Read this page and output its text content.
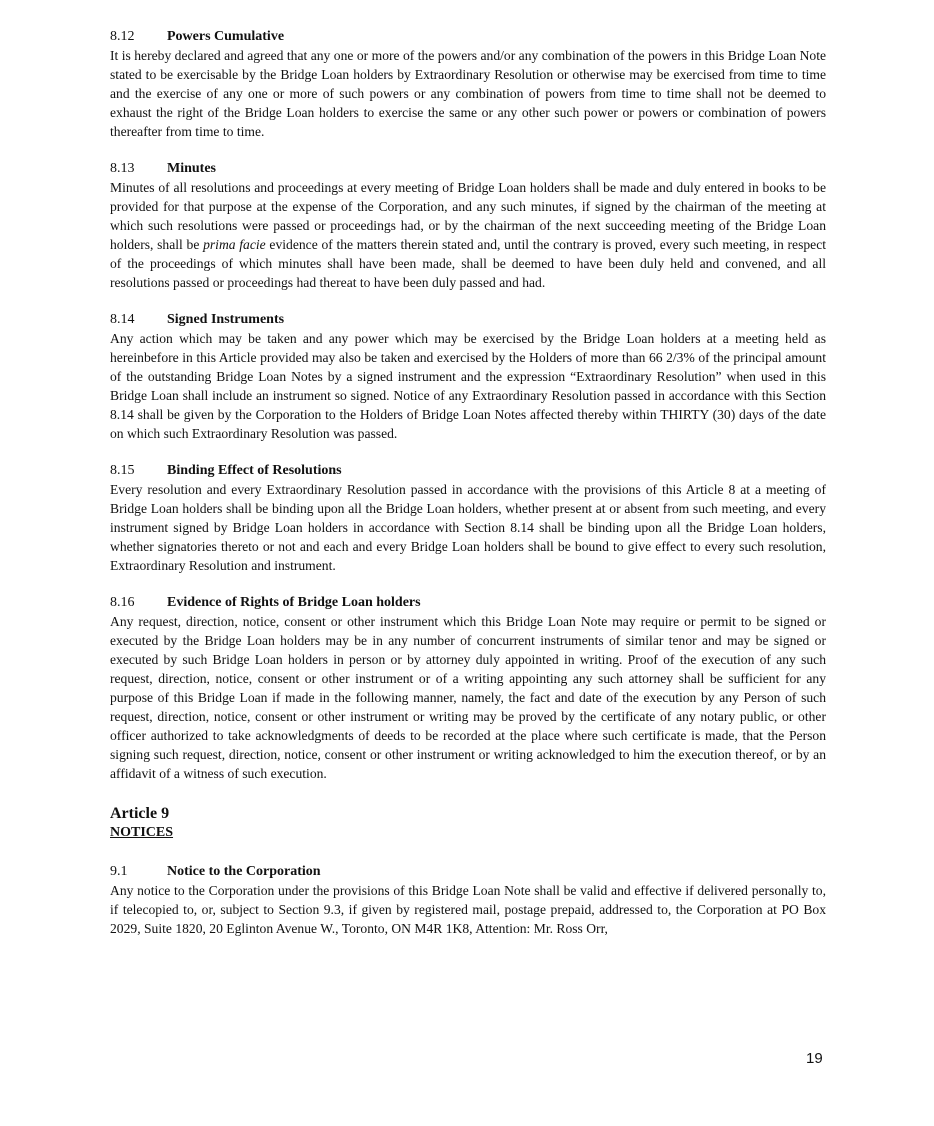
8.12 Powers Cumulative

It is hereby declared and agreed that any one or more of the powers and/or any combination of the powers in this Bridge Loan Note stated to be exercisable by the Bridge Loan holders by Extraordinary Resolution or otherwise may be exercised from time to time and the exercise of any one or more of such powers or any combination of powers from time to time shall not be deemed to exhaust the right of the Bridge Loan holders to exercise the same or any other such power or powers or combination of powers thereafter from time to time.

8.13 Minutes

Minutes of all resolutions and proceedings at every meeting of Bridge Loan holders shall be made and duly entered in books to be provided for that purpose at the expense of the Corporation, and any such minutes, if signed by the chairman of the meeting at which such resolutions were passed or proceedings had, or by the chairman of the next succeeding meeting of the Bridge Loan holders, shall be prima facie evidence of the matters therein stated and, until the contrary is proved, every such meeting, in respect of the proceedings of which minutes shall have been made, shall be deemed to have been duly held and convened, and all resolutions passed or proceedings had thereat to have been duly passed and had.

8.14 Signed Instruments

Any action which may be taken and any power which may be exercised by the Bridge Loan holders at a meeting held as hereinbefore in this Article provided may also be taken and exercised by the Holders of more than 66 2/3% of the principal amount of the outstanding Bridge Loan Notes by a signed instrument and the expression “Extraordinary Resolution” when used in this Bridge Loan shall include an instrument so signed. Notice of any Extraordinary Resolution passed in accordance with this Section 8.14 shall be given by the Corporation to the Holders of Bridge Loan Notes affected thereby within THIRTY (30) days of the date on which such Extraordinary Resolution was passed.

8.15 Binding Effect of Resolutions

Every resolution and every Extraordinary Resolution passed in accordance with the provisions of this Article 8 at a meeting of Bridge Loan holders shall be binding upon all the Bridge Loan holders, whether present at or absent from such meeting, and every instrument signed by Bridge Loan holders in accordance with Section 8.14 shall be binding upon all the Bridge Loan holders, whether signatories thereto or not and each and every Bridge Loan holders shall be bound to give effect to every such resolution, Extraordinary Resolution and instrument.

8.16 Evidence of Rights of Bridge Loan holders

Any request, direction, notice, consent or other instrument which this Bridge Loan Note may require or permit to be signed or executed by the Bridge Loan holders may be in any number of concurrent instruments of similar tenor and may be signed or executed by such Bridge Loan holders in person or by attorney duly appointed in writing. Proof of the execution of any such request, direction, notice, consent or other instrument or of a writing appointing any such attorney shall be sufficient for any purpose of this Bridge Loan if made in the following manner, namely, the fact and date of the execution by any Person of such request, direction, notice, consent or other instrument or writing may be proved by the certificate of any notary public, or other officer authorized to take acknowledgments of deeds to be recorded at the place where such certificate is made, that the Person signing such request, direction, notice, consent or other instrument or writing acknowledged to him the execution thereof, or by an affidavit of a witness of such execution.

Article 9
NOTICES
9.1	Notice to the Corporation

Any notice to the Corporation under the provisions of this Bridge Loan Note shall be valid and effective if delivered personally to, if telecopied to, or, subject to Section 9.3, if given by registered mail, postage prepaid, addressed to, the Corporation at PO Box 2029, Suite 1820, 20 Eglinton Avenue W., Toronto, ON M4R 1K8, Attention: Mr. Ross Orr,

19
